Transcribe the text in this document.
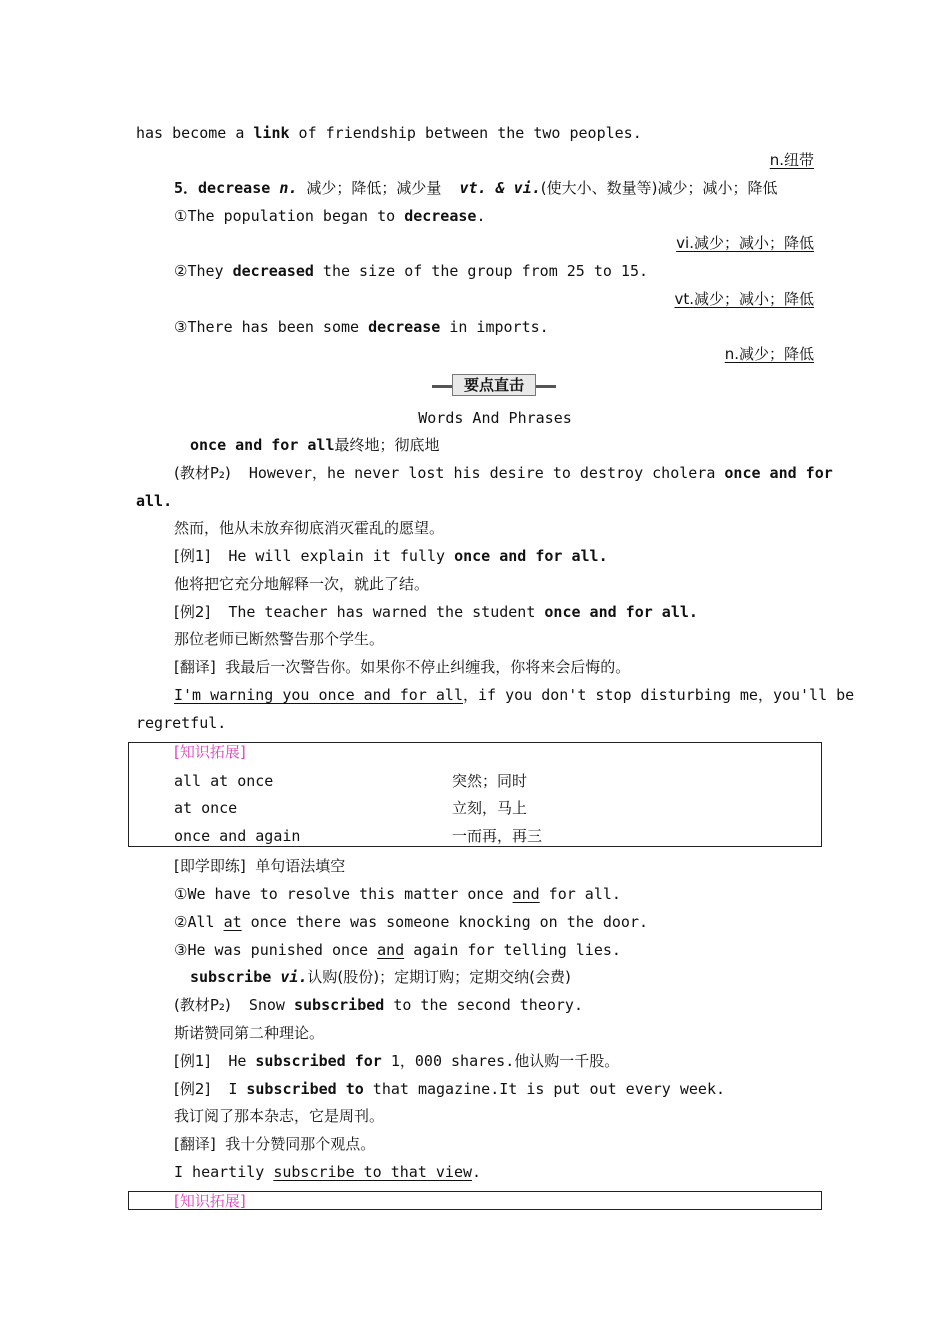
has become a link of friendship between the two peoples.
n.纽带
5．decrease n. 减少；降低；减少量 vt. & vi.(使大小、数量等)减少；减小；降低
①The population began to decrease.
vi.减少；减小；降低
②They decreased the size of the group from 25 to 15.
vt.减少；减小；降低
③There has been some decrease in imports.
n.减少；降低
要点直击
Words And Phrases
once and for all最终地；彻底地
(教材P₂) However，he never lost his desire to destroy cholera once and for
all.
然而，他从未放弃彻底消灭霍乱的愿望。
[例1] He will explain it fully once and for all.
他将把它充分地解释一次，就此了结。
[例2] The teacher has warned the student once and for all.
那位老师已断然警告那个学生。
[翻译] 我最后一次警告你。如果你不停止纠缠我，你将来会后悔的。
I'm warning you once and for all，if you don't stop disturbing me，you'll be
regretful.
[知识拓展]
all at once	突然；同时
at once	立刻，马上
once and again	一而再，再三
[即学即练] 单句语法填空
①We have to resolve this matter once and for all.
②All at once there was someone knocking on the door.
③He was punished once and again for telling lies.
subscribe vi.认购(股份)；定期订购；定期交纳(会费)
(教材P₂) Snow subscribed to the second theory.
斯诺赞同第二种理论。
[例1] He subscribed for 1，000 shares.他认购一千股。
[例2] I subscribed to that magazine.It is put out every week.
我订阅了那本杂志，它是周刊。
[翻译] 我十分赞同那个观点。
I heartily subscribe to that view.
[知识拓展]
